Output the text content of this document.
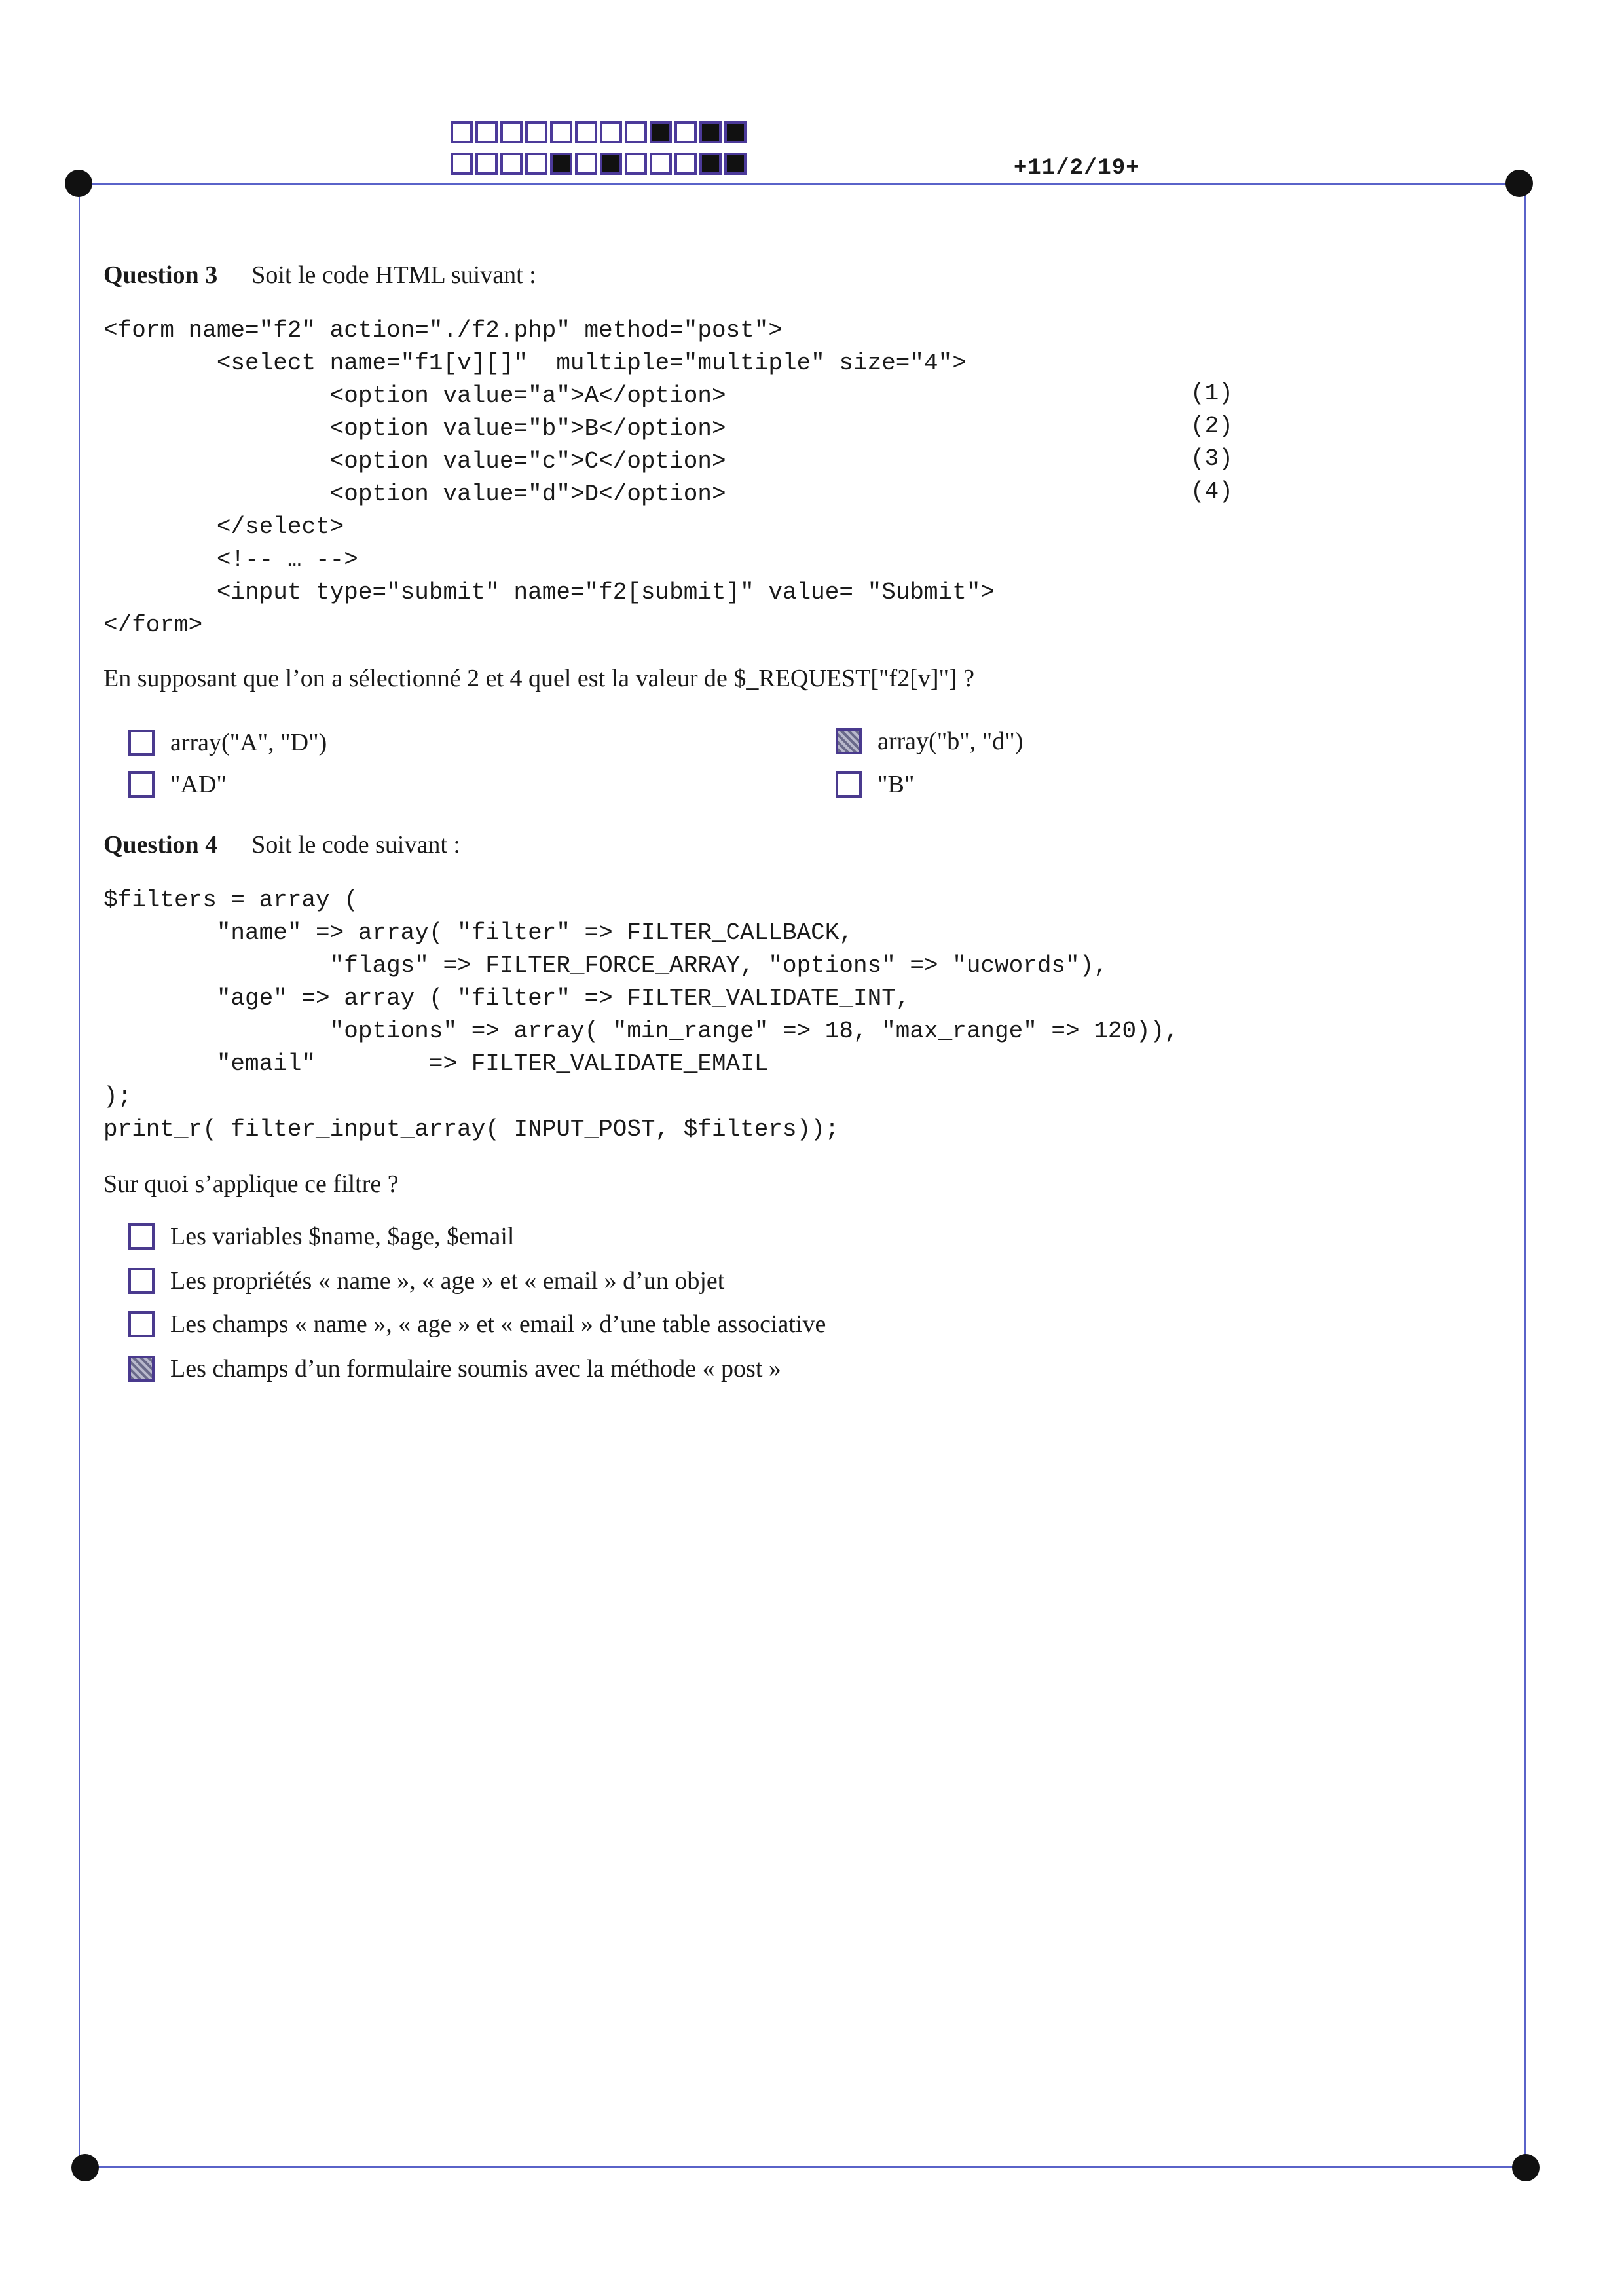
+11/2/19+
Question 3 Soit le code HTML suivant :
<form name="f2" action="./f2.php" method="post">
<select name="f1[v][]"  multiple="multiple" size="4">
<option value="a">A</option>
<option value="b">B</option>
<option value="c">C</option>
<option value="d">D</option>
</select>
<!-- … -->
<input type="submit" name="f2[submit]" value= "Submit">
</form>
(1)
(2)
(3)
(4)
En supposant que l’on a sélectionné 2 et 4 quel est la valeur de $_REQUEST["f2[v]"] ?
array("A", "D")	array("b", "d")
"AD"	"B"
Question 4 Soit le code suivant :
$filters = array (
"name" => array( "filter" => FILTER_CALLBACK,
"flags" => FILTER_FORCE_ARRAY, "options" => "ucwords"),
"age" => array ( "filter" => FILTER_VALIDATE_INT,
"options" => array( "min_range" => 18, "max_range" => 120)),
"email"        => FILTER_VALIDATE_EMAIL
);
print_r( filter_input_array( INPUT_POST, $filters));
Sur quoi s’applique ce filtre ?
Les variables $name, $age, $email
Les propriétés « name », « age » et « email » d’un objet
Les champs « name », « age » et « email » d’une table associative
Les champs d’un formulaire soumis avec la méthode « post »
